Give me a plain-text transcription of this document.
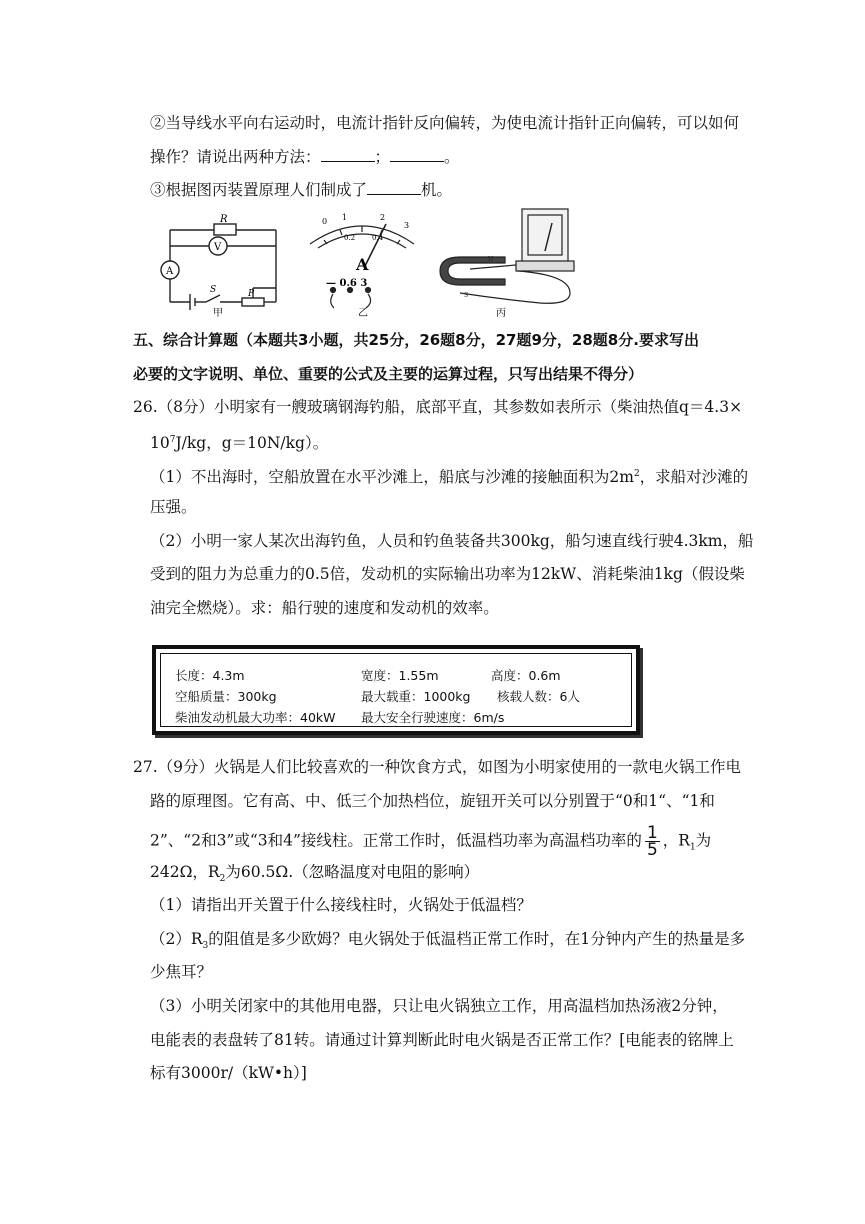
②当导线水平向右运动时，电流计指针反向偏转，为使电流计指针正向偏转，可以如何
操作？请说出两种方法：	；	。
③根据图丙装置原理人们制成了	机。
R
V
A
S	P
甲
0 1	2
3
0.2 0.4
A
— 0.6 3
乙
N
S
丙
五、综合计算题（本题共3小题，共25分，26题8分，27题9分，28题8分.要求写出
必要的文字说明、单位、重要的公式及主要的运算过程，只写出结果不得分）
26.（8分）小明家有一艘玻璃钢海钓船，底部平直，其参数如表所示（柴油热值q＝4.3×
$10^7J/kg$，g＝10N/kg）。
（1）不出海时，空船放置在水平沙滩上，船底与沙滩的接触面积为$2m^2$，求船对沙滩的
压强。
（2）小明一家人某次出海钓鱼，人员和钓鱼装备共300kg，船匀速直线行驶4.3km，船
受到的阻力为总重力的0.5倍，发动机的实际输出功率为12kW、消耗柴油1kg（假设柴
油完全燃烧）。求：船行驶的速度和发动机的效率。
长度：4.3m	宽度：1.55m	高度：0.6m
空船质量：300kg	最大载重：1000kg 核载人数：6人
柴油发动机最大功率：40kW 最大安全行驶速度：6m/s
27.（9分）火锅是人们比较喜欢的一种饮食方式，如图为小明家使用的一款电火锅工作电
路的原理图。它有高、中、低三个加热档位，旋钮开关可以分别置于“0和1“、“1和
2”、“2和3”或“3和4”接线柱。正常工作时，低温档功率为高温档功率的 $\frac{1}{5}$ ，$R_1$为
242Ω，$R_2$为60.5Ω.（忽略温度对电阻的影响）
（1）请指出开关置于什么接线柱时，火锅处于低温档？
$(2)R_3$的阻值是多少欧姆？电火锅处于低温档正常工作时，在1分钟内产生的热量是多
少焦耳？
（3）小明关闭家中的其他用电器，只让电火锅独立工作，用高温档加热汤液2分钟，
电能表的表盘转了81转。请通过计算判断此时电火锅是否正常工作？[电能表的铭牌上
标有3000r/（kW•h）]
